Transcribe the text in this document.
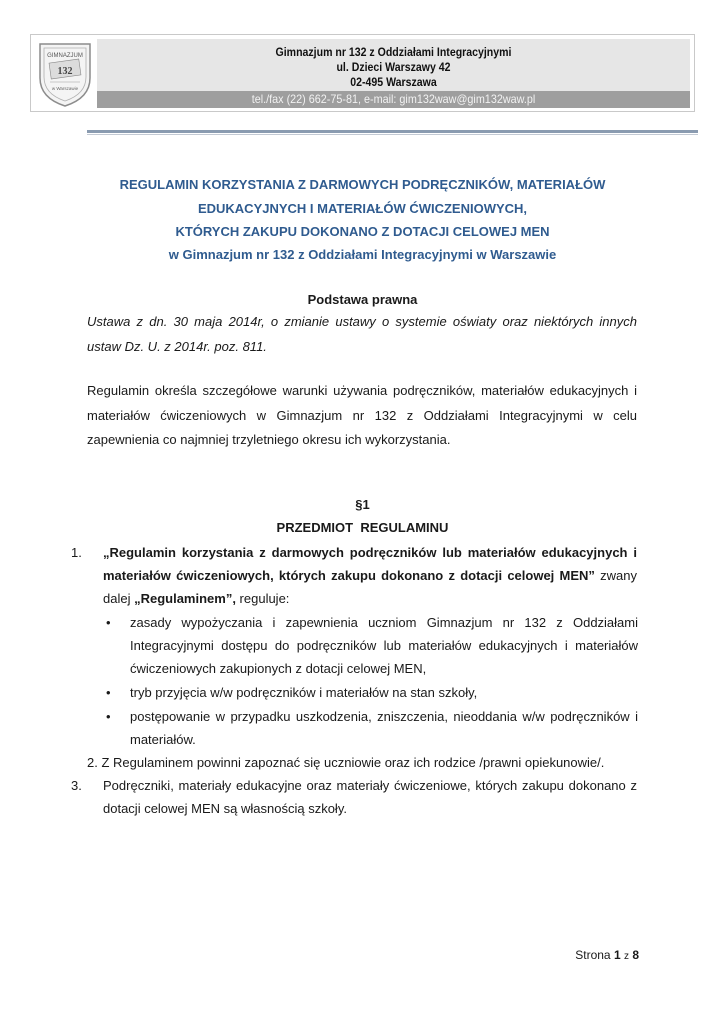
GIMNAZJUM
132
w Warszawie
Gimnazjum nr 132 z Oddziałami Integracyjnymi
ul. Dzieci Warszawy 42
02-495 Warszawa
tel./fax (22) 662-75-81, e-mail: gim132waw@gim132waw.pl
REGULAMIN KORZYSTANIA Z DARMOWYCH PODRĘCZNIKÓW, MATERIAŁÓW
EDUKACYJNYCH I MATERIAŁÓW ĆWICZENIOWYCH,
KTÓRYCH ZAKUPU DOKONANO Z DOTACJI CELOWEJ MEN
w Gimnazjum nr 132 z Oddziałami Integracyjnymi w Warszawie
Podstawa prawna
Ustawa z dn. 30 maja 2014r, o zmianie ustawy o systemie oświaty oraz niektórych innych ustaw Dz. U. z 2014r. poz. 811.
Regulamin określa szczegółowe warunki używania podręczników, materiałów edukacyjnych i materiałów ćwiczeniowych w Gimnazjum nr 132 z Oddziałami Integracyjnymi w celu zapewnienia co najmniej trzyletniego okresu ich wykorzystania.
§1
PRZEDMIOT  REGULAMINU
1. „Regulamin korzystania z darmowych podręczników lub materiałów edukacyjnych i materiałów ćwiczeniowych, których zakupu dokonano z dotacji celowej MEN” zwany dalej „Regulaminem”, reguluje:
• zasady wypożyczania i zapewnienia uczniom Gimnazjum nr 132 z Oddziałami Integracyjnymi dostępu do podręczników lub materiałów edukacyjnych i materiałów ćwiczeniowych zakupionych z dotacji celowej MEN,
• tryb przyjęcia w/w podręczników i materiałów na stan szkoły,
• postępowanie w przypadku uszkodzenia, zniszczenia, nieoddania w/w podręczników i materiałów.
2. Z Regulaminem powinni zapoznać się uczniowie oraz ich rodzice /prawni opiekunowie/.
3. Podręczniki, materiały edukacyjne oraz materiały ćwiczeniowe, których zakupu dokonano z dotacji celowej MEN są własnością szkoły.
Strona 1 z 8
